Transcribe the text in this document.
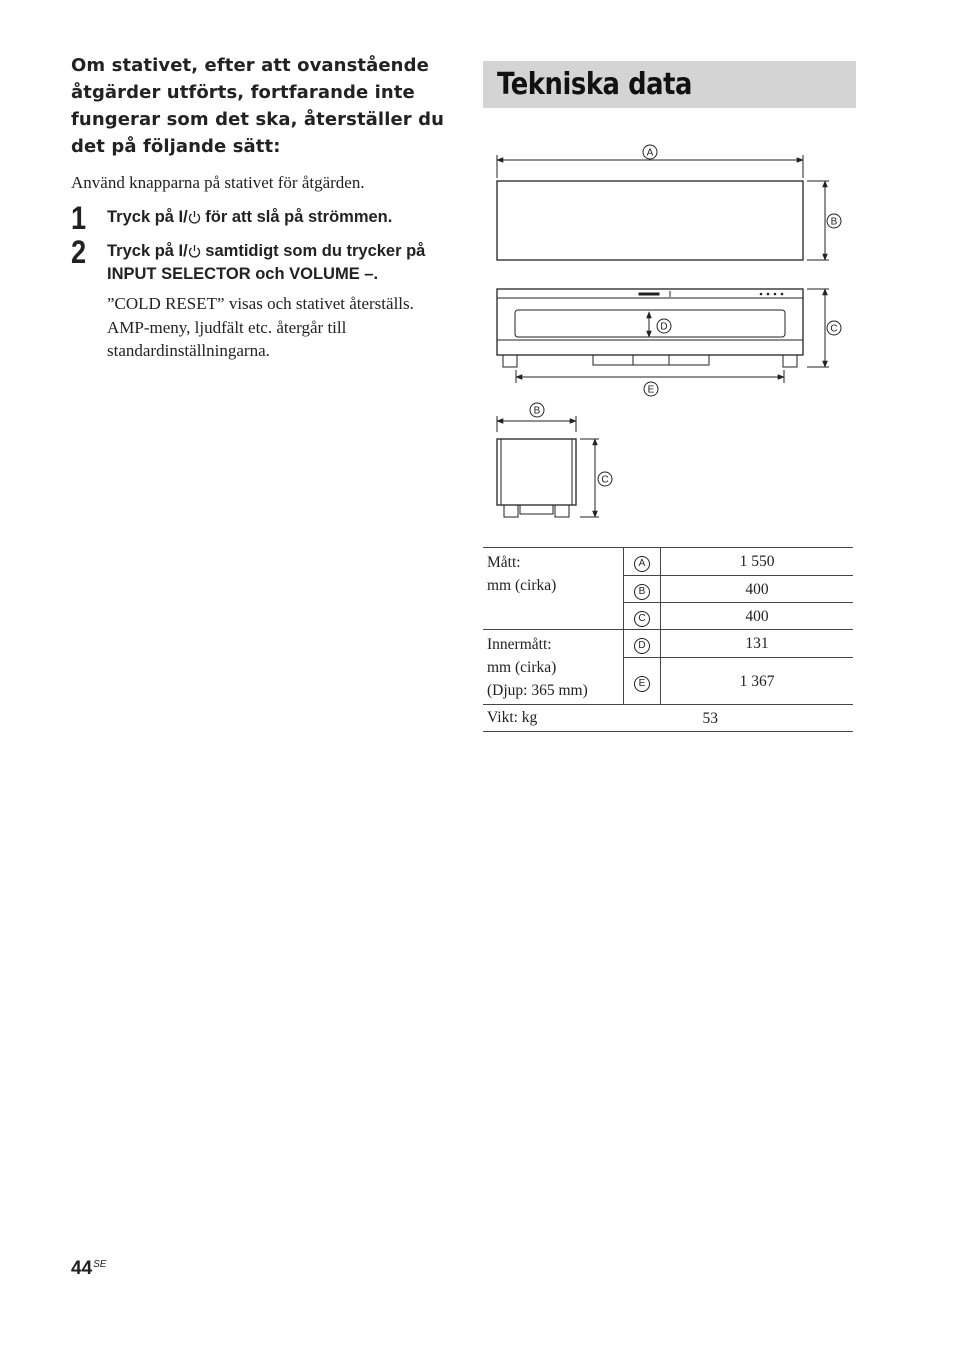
Om stativet, efter att ovanstående åtgärder utförts, fortfarande inte fungerar som det ska, återställer du det på följande sätt:

Använd knapparna på stativet för åtgärden.

1 Tryck på I/ för att slå på strömmen.

2 Tryck på I/ samtidigt som du trycker på INPUT SELECTOR och VOLUME –.

”COLD RESET” visas och stativet återställs. AMP-meny, ljudfält etc. återgår till standardinställningarna.

Tekniska data
A
B
D	C
E
B
C
Mått:
mm (cirka)	A	1 550
	B	400
	C	400
Innermått:
mm (cirka)
(Djup: 365 mm)	D	131
	E	1 367
Vikt: kg	53	
$44^{SE}$
